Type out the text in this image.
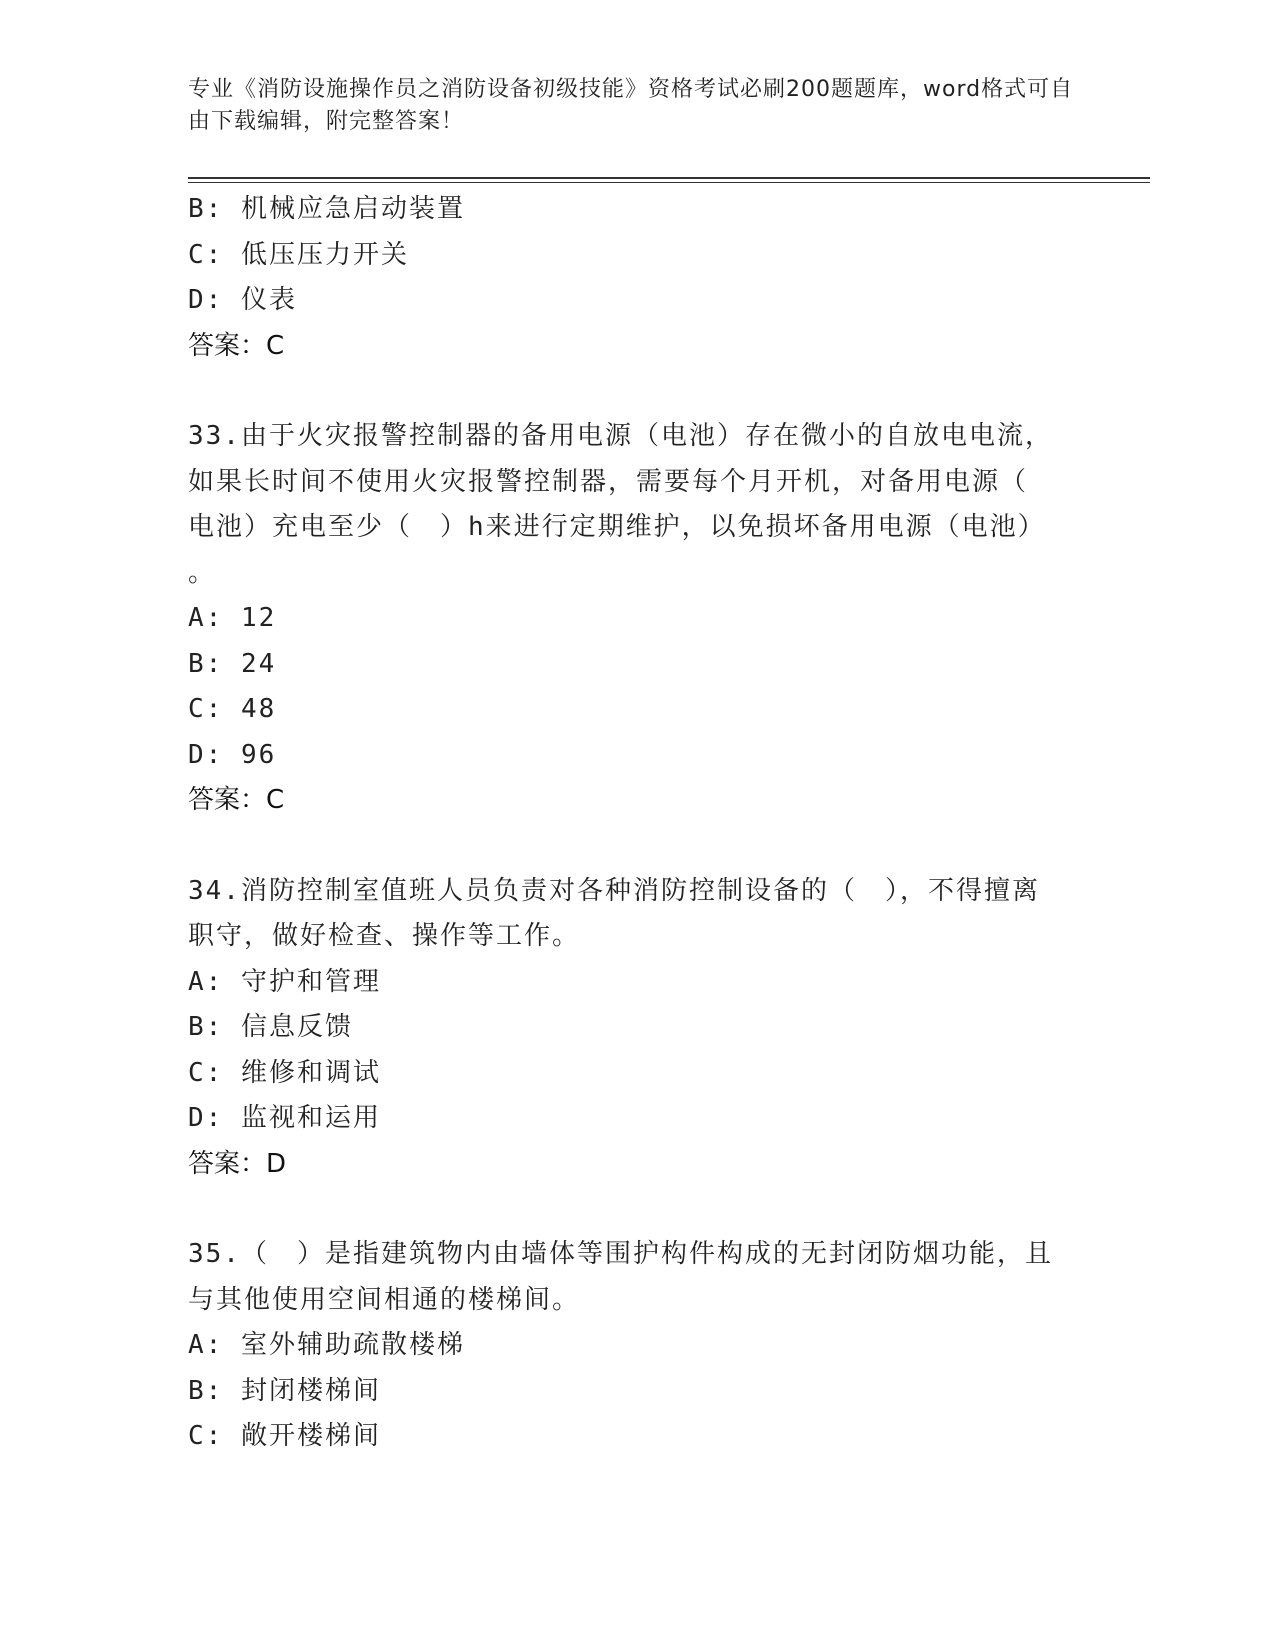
专业《消防设施操作员之消防设备初级技能》资格考试必刷200题题库，word格式可自由下载编辑，附完整答案！
B: 机械应急启动装置
C: 低压压力开关
D: 仪表
答案：C
33.由于火灾报警控制器的备用电源（电池）存在微小的自放电电流，
如果长时间不使用火灾报警控制器，需要每个月开机，对备用电源（
电池）充电至少（　）h来进行定期维护，以免损坏备用电源（电池）
。
A: 12
B: 24
C: 48
D: 96
答案：C
34.消防控制室值班人员负责对各种消防控制设备的（　），不得擅离
职守，做好检查、操作等工作。
A: 守护和管理
B: 信息反馈
C: 维修和调试
D: 监视和运用
答案：D
35.（　）是指建筑物内由墙体等围护构件构成的无封闭防烟功能，且
与其他使用空间相通的楼梯间。
A: 室外辅助疏散楼梯
B: 封闭楼梯间
C: 敞开楼梯间
